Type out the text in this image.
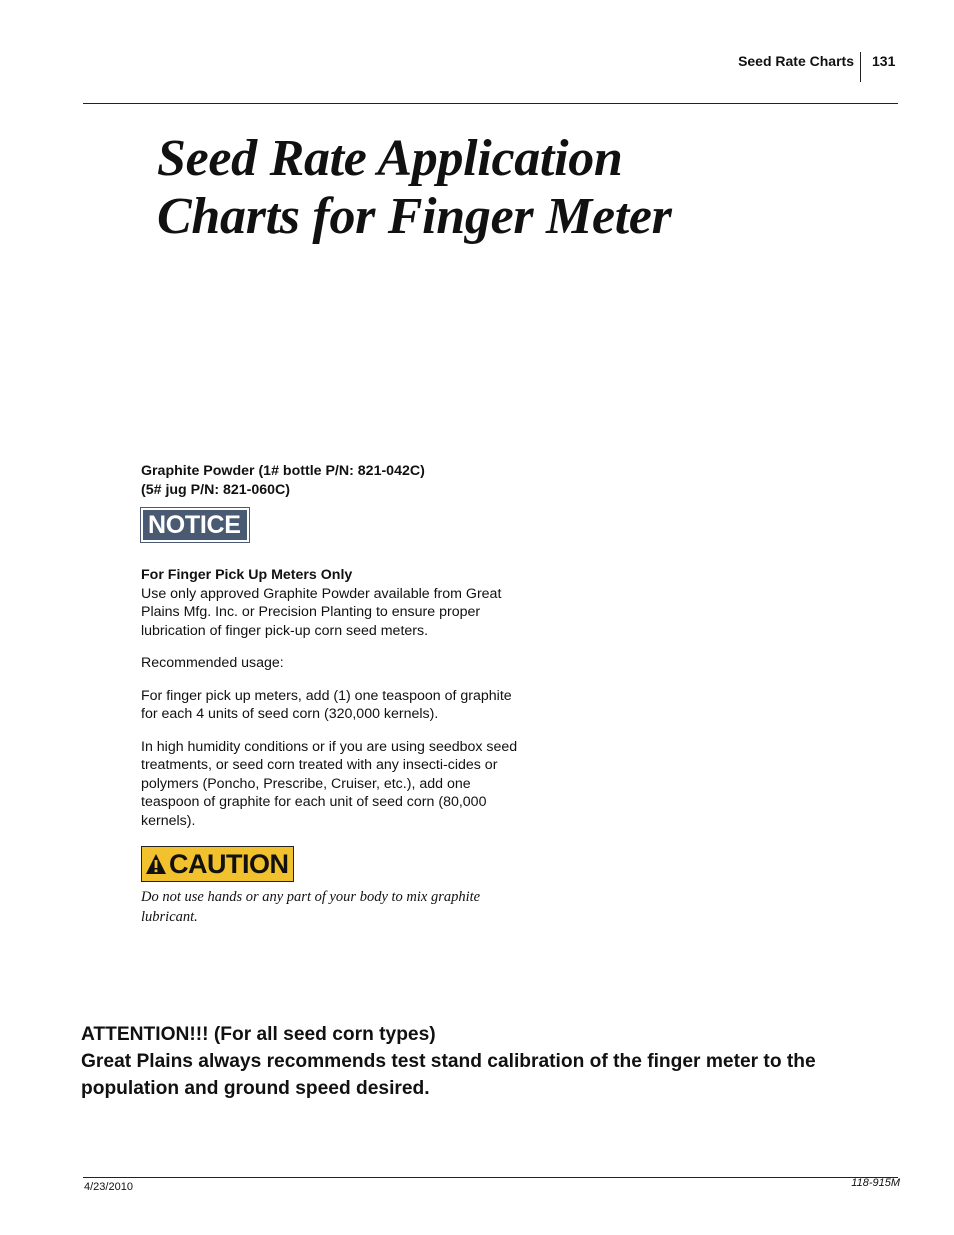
Seed Rate Charts 131
Seed Rate Application
Charts for Finger Meter
Graphite Powder (1# bottle P/N: 821-042C)
(5# jug P/N: 821-060C)
NOTICE
For Finger Pick Up Meters Only

Use only approved Graphite Powder available from Great Plains Mfg. Inc. or Precision Planting to ensure proper lubrication of finger pick-up corn seed meters.

Recommended usage:

For finger pick up meters, add (1) one teaspoon of graphite for each 4 units of seed corn (320,000 kernels).

In high humidity conditions or if you are using seedbox seed treatments, or seed corn treated with any insecti-cides or polymers (Poncho, Prescribe, Cruiser, etc.), add one teaspoon of graphite for each unit of seed corn (80,000 kernels).

CAUTION
Do not use hands or any part of your body to mix graphite lubricant.
ATTENTION!!! (For all seed corn types)
Great Plains always recommends test stand calibration of the finger meter to the population and ground speed desired.
4/23/2010	118-915M
